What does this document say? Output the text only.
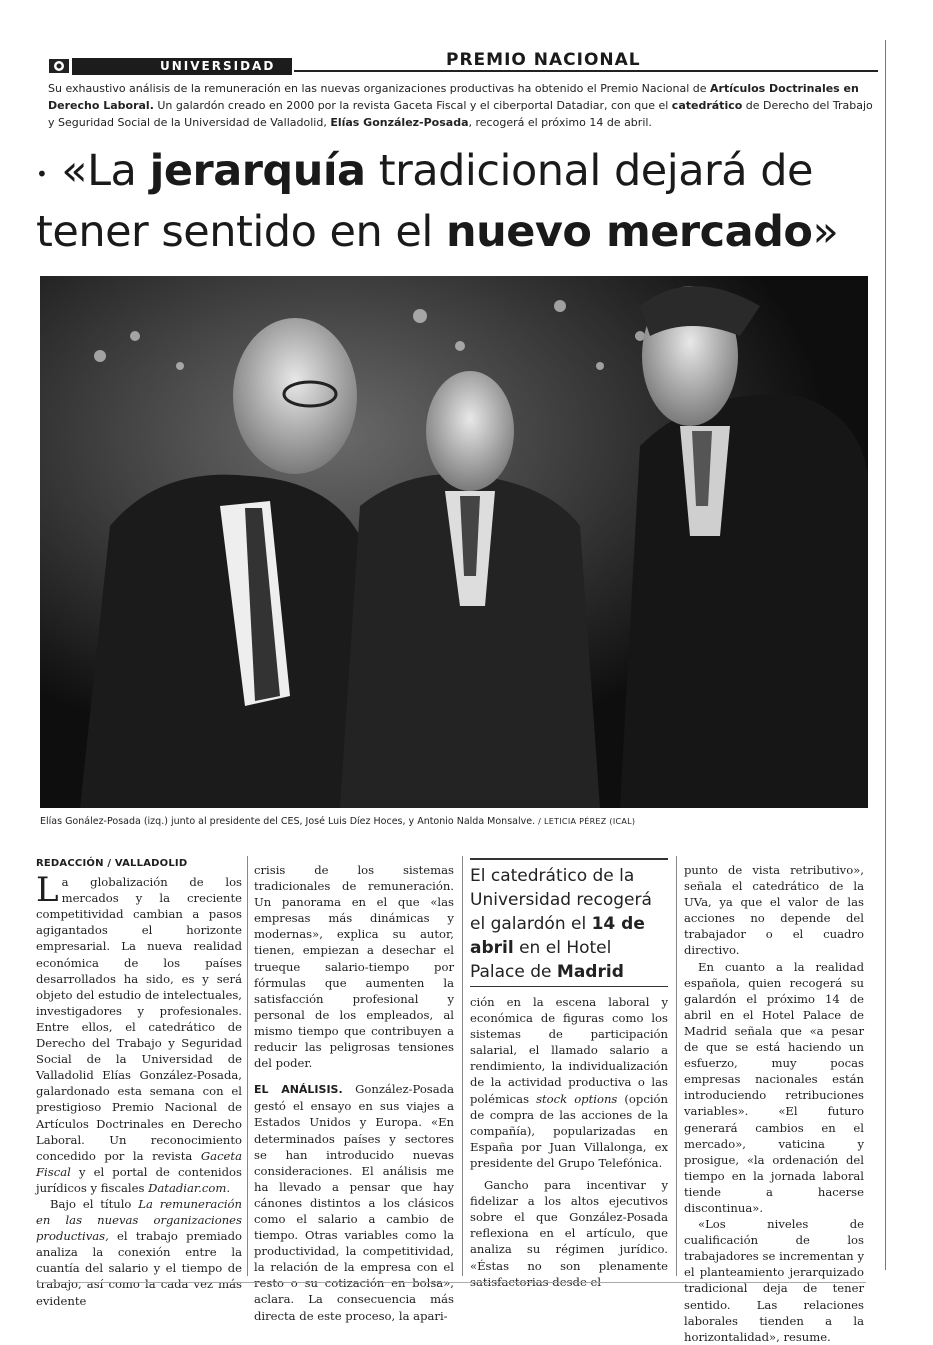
UNIVERSIDAD	PREMIO NACIONAL
Su exhaustivo análisis de la remuneración en las nuevas organizaciones productivas ha obtenido el Premio Nacional de Artículos Doctrinales en Derecho Laboral. Un galardón creado en 2000 por la revista Gaceta Fiscal y el ciberportal Datadiar, con que el catedrático de Derecho del Trabajo y Seguridad Social de la Universidad de Valladolid, Elías González-Posada, recogerá el próximo 14 de abril.
• «La jerarquía tradicional dejará de tener sentido en el nuevo mercado»
Elías Gonález-Posada (izq.) junto al presidente del CES, José Luis Díez Hoces, y Antonio Nalda Monsalve. / LETICIA PÉREZ (ICAL)
REDACCIÓN / VALLADOLID

La globalización de los mercados y la creciente competitividad cambian a pasos agigantados el horizonte empresarial. La nueva realidad económica de los países desarrollados ha sido, es y será objeto del estudio de intelectuales, investigadores y profesionales. Entre ellos, el catedrático de Derecho del Trabajo y Seguridad Social de la Universidad de Valladolid Elías González-Posada, galardonado esta semana con el prestigioso Premio Nacional de Artículos Doctrinales en Derecho Laboral. Un reconocimiento concedido por la revista Gaceta Fiscal y el portal de contenidos jurídicos y fiscales Datadiar.com.

Bajo el título La remuneración en las nuevas organizaciones productivas, el trabajo premiado analiza la conexión entre la cuantía del salario y el tiempo de trabajo, así como la cada vez más evidente

crisis de los sistemas tradicionales de remuneración. Un panorama en el que «las empresas más dinámicas y modernas», explica su autor, tienen, empiezan a desechar el trueque salario-tiempo por fórmulas que aumenten la satisfacción profesional y personal de los empleados, al mismo tiempo que contribuyen a reducir las peligrosas tensiones del poder.

EL ANÁLISIS. González-Posada gestó el ensayo en sus viajes a Estados Unidos y Europa. «En determinados países y sectores se han introducido nuevas consideraciones. El análisis me ha llevado a pensar que hay cánones distintos a los clásicos como el salario a cambio de tiempo. Otras variables como la productividad, la competitividad, la relación de la empresa con el resto o su cotización en bolsa», aclara. La consecuencia más directa de este proceso, la apari-

El catedrático de la Universidad recogerá el galardón el 14 de abril en el Hotel Palace de Madrid

ción en la escena laboral y económica de figuras como los sistemas de participación salarial, el llamado salario a rendimiento, la individualización de la actividad productiva o las polémicas stock options (opción de compra de las acciones de la compañía), popularizadas en España por Juan Villalonga, ex presidente del Grupo Telefónica.

Gancho para incentivar y fidelizar a los altos ejecutivos sobre el que González-Posada reflexiona en el artículo, que analiza su régimen jurídico. «Éstas no son plenamente satisfactorias desde el

punto de vista retributivo», señala el catedrático de la UVa, ya que el valor de las acciones no depende del trabajador o el cuadro directivo.

En cuanto a la realidad española, quien recogerá su galardón el próximo 14 de abril en el Hotel Palace de Madrid señala que «a pesar de que se está haciendo un esfuerzo, muy pocas empresas nacionales están introduciendo retribuciones variables». «El futuro generará cambios en el mercado», vaticina y prosigue, «la ordenación del tiempo en la jornada laboral tiende a hacerse discontinua».

«Los niveles de cualificación de los trabajadores se incrementan y el planteamiento jerarquizado tradicional deja de tener sentido. Las relaciones laborales tienden a la horizontalidad», resume.
